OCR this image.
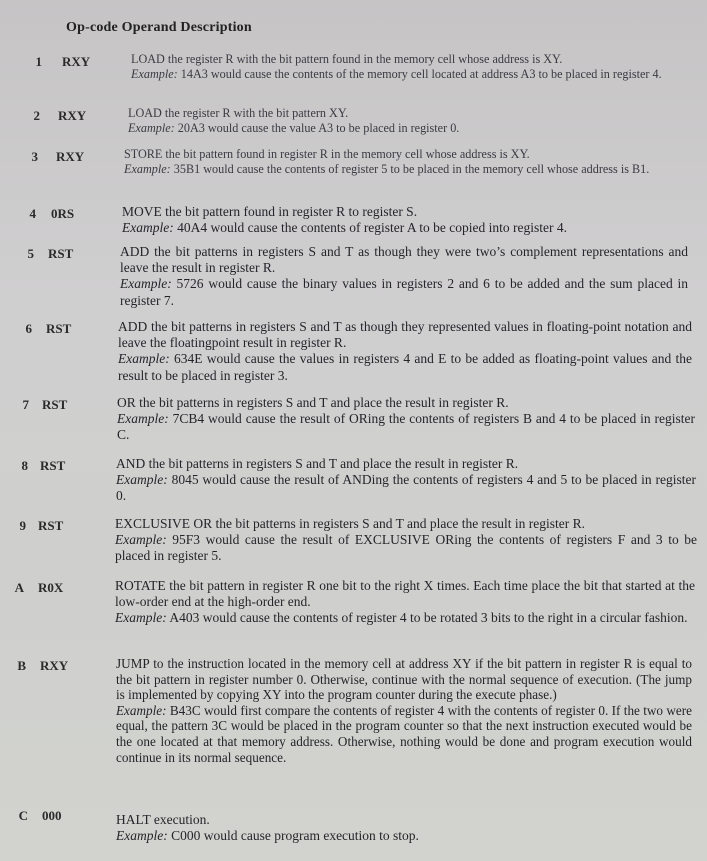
Op-code Operand Description
1 RXY	LOAD the register R with the bit pattern found in the memory cell whose address is XY.
Example: 14A3 would cause the contents of the memory cell located at address A3 to be placed in register 4.
2 RXY	LOAD the register R with the bit pattern XY.
Example: 20A3 would cause the value A3 to be placed in register 0.
3 RXY	STORE the bit pattern found in register R in the memory cell whose address is XY.
Example: 35B1 would cause the contents of register 5 to be placed in the memory cell whose address is B1.
4 0RS	MOVE the bit pattern found in register R to register S.
Example: 40A4 would cause the contents of register A to be copied into register 4.
5 RST	ADD the bit patterns in registers S and T as though they were two’s complement representations and leave the result in register R.
Example: 5726 would cause the binary values in registers 2 and 6 to be added and the sum placed in register 7.
6 RST	ADD the bit patterns in registers S and T as though they represented values in floating-point notation and leave the floatingpoint result in register R.
Example: 634E would cause the values in registers 4 and E to be added as floating-point values and the result to be placed in register 3.
7 RST	OR the bit patterns in registers S and T and place the result in register R.
Example: 7CB4 would cause the result of ORing the contents of registers B and 4 to be placed in register C.
8 RST	AND the bit patterns in registers S and T and place the result in register R.
Example: 8045 would cause the result of ANDing the contents of registers 4 and 5 to be placed in register 0.
9 RST	EXCLUSIVE OR the bit patterns in registers S and T and place the result in register R.
Example: 95F3 would cause the result of EXCLUSIVE ORing the contents of registers F and 3 to be placed in register 5.
A R0X	ROTATE the bit pattern in register R one bit to the right X times. Each time place the bit that started at the low-order end at the high-order end.
Example: A403 would cause the contents of register 4 to be rotated 3 bits to the right in a circular fashion.
B RXY	JUMP to the instruction located in the memory cell at address XY if the bit pattern in register R is equal to the bit pattern in register number 0. Otherwise, continue with the normal sequence of execution. (The jump is implemented by copying XY into the program counter during the execute phase.)
Example: B43C would first compare the contents of register 4 with the contents of register 0. If the two were equal, the pattern 3C would be placed in the program counter so that the next instruction executed would be the one located at that memory address. Otherwise, nothing would be done and program execution would continue in its normal sequence.
C 000	HALT execution.
Example: C000 would cause program execution to stop.
